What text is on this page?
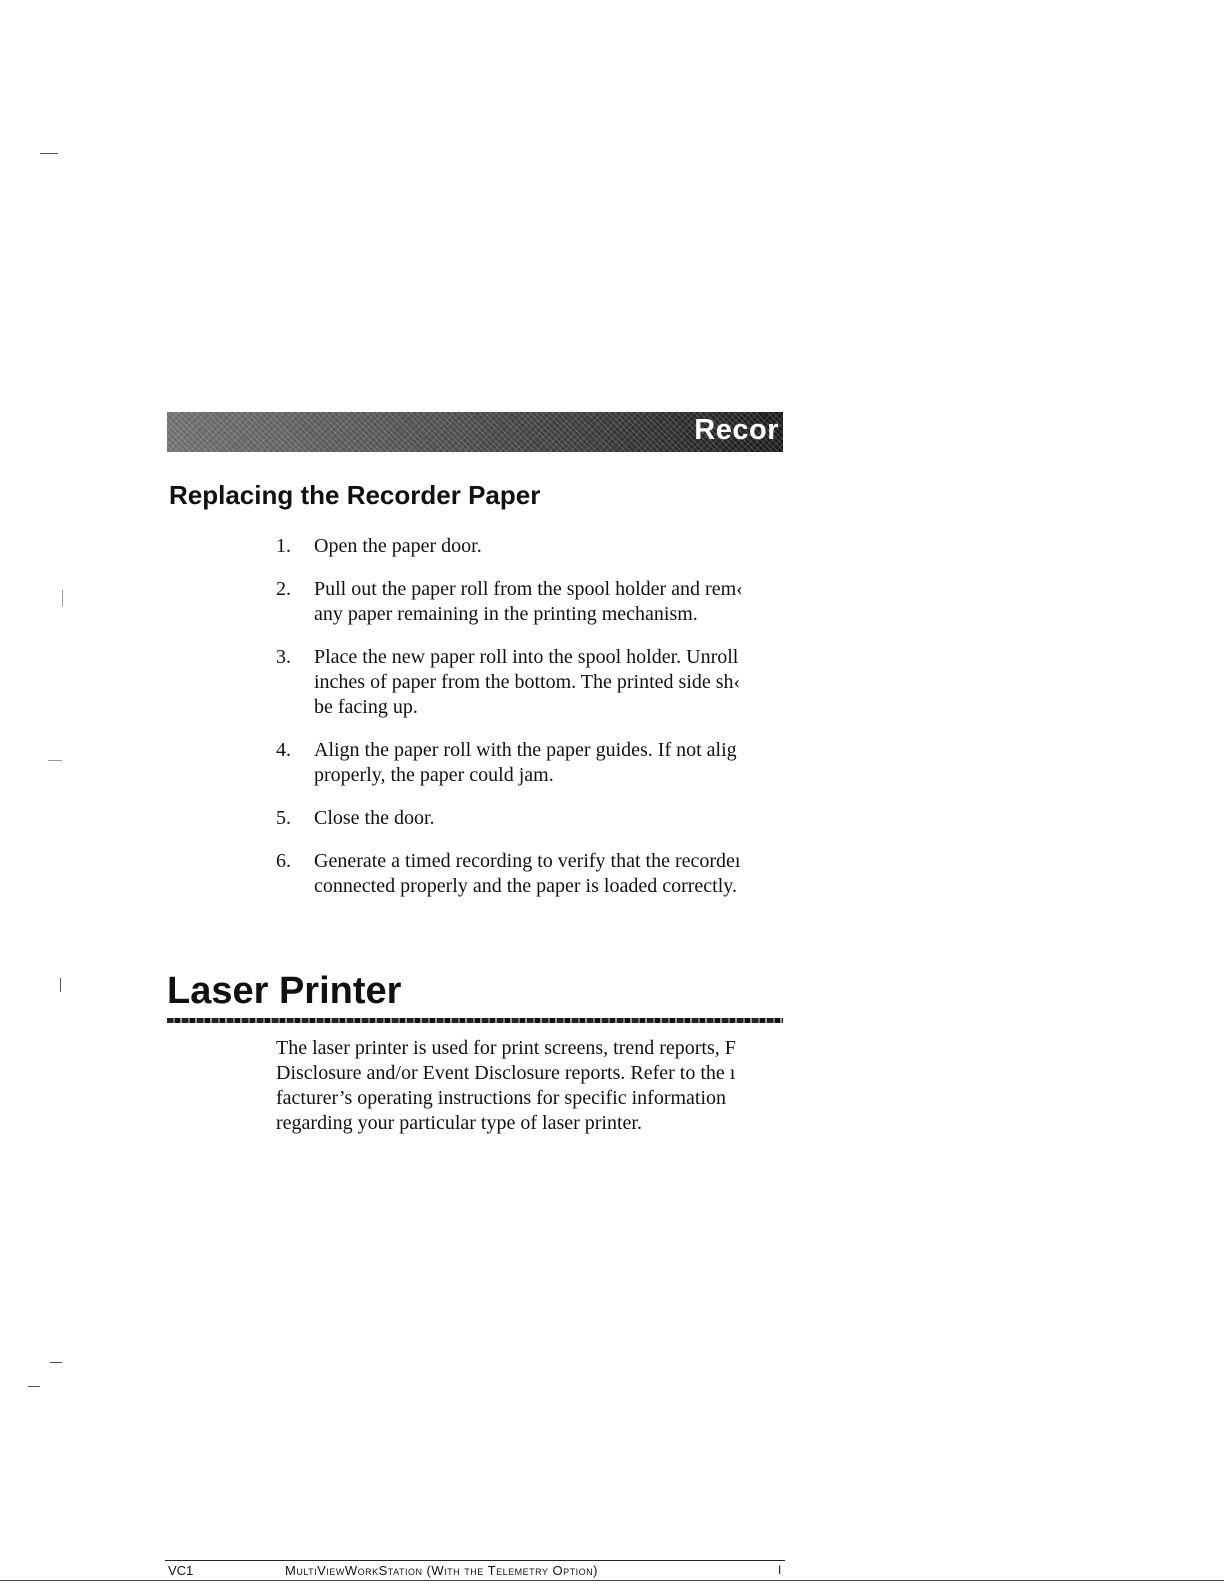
Recor
Replacing the Recorder Paper
1. Open the paper door.
2. Pull out the paper roll from the spool holder and rem‹
any paper remaining in the printing mechanism.
3. Place the new paper roll into the spool holder. Unroll
inches of paper from the bottom. The printed side sh‹
be facing up.
4. Align the paper roll with the paper guides. If not alig
properly, the paper could jam.
5. Close the door.
6. Generate a timed recording to verify that the recordeı
connected properly and the paper is loaded correctly.
Laser Printer
The laser printer is used for print screens, trend reports, F
Disclosure and/or Event Disclosure reports. Refer to the ı
facturer’s operating instructions for specific information
regarding your particular type of laser printer.
VC1	MultiViewWorkStation (With the Telemetry Option)	I
